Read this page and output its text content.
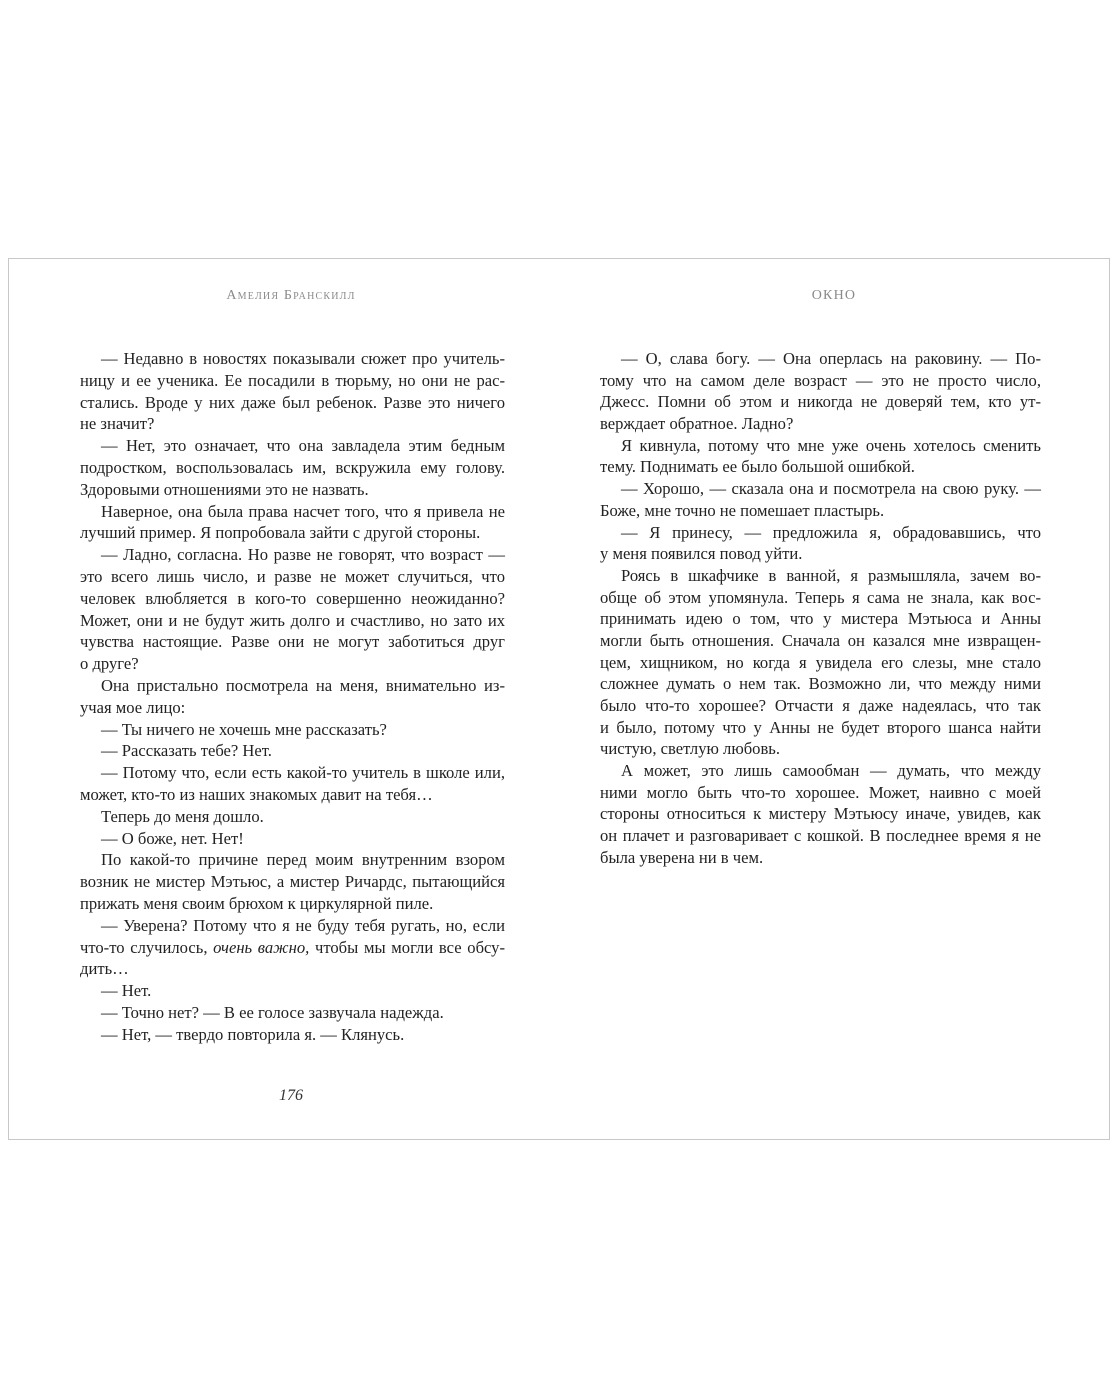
Амелия Бранскилл	ОКНО
— Недавно в новостях показывали сюжет про учитель-
ницу и ее ученика. Ее посадили в тюрьму, но они не рас-
стались. Вроде у них даже был ребенок. Разве это ничего
не значит?
— Нет, это означает, что она завладела этим бедным
подростком, воспользовалась им, вскружила ему голову.
Здоровыми отношениями это не назвать.
Наверное, она была права насчет того, что я привела не
лучший пример. Я попробовала зайти с другой стороны.
— Ладно, согласна. Но разве не говорят, что возраст —
это всего лишь число, и разве не может случиться, что
человек влюбляется в кого-то совершенно неожиданно?
Может, они и не будут жить долго и счастливо, но зато их
чувства настоящие. Разве они не могут заботиться друг
о друге?
Она пристально посмотрела на меня, внимательно из-
учая мое лицо:
— Ты ничего не хочешь мне рассказать?
— Рассказать тебе? Нет.
— Потому что, если есть какой-то учитель в школе или,
может, кто-то из наших знакомых давит на тебя…
Теперь до меня дошло.
— О боже, нет. Нет!
По какой-то причине перед моим внутренним взором
возник не мистер Мэтьюс, а мистер Ричардс, пытающийся
прижать меня своим брюхом к циркулярной пиле.
— Уверена? Потому что я не буду тебя ругать, но, если
что-то случилось, очень важно, чтобы мы могли все обсу-
дить…
— Нет.
— Точно нет? — В ее голосе зазвучала надежда.
— Нет, — твердо повторила я. — Клянусь.
— О, слава богу. — Она оперлась на раковину. — По-
тому что на самом деле возраст — это не просто число,
Джесс. Помни об этом и никогда не доверяй тем, кто ут-
верждает обратное. Ладно?
Я кивнула, потому что мне уже очень хотелось сменить
тему. Поднимать ее было большой ошибкой.
— Хорошо, — сказала она и посмотрела на свою руку. —
Боже, мне точно не помешает пластырь.
— Я принесу, — предложила я, обрадовавшись, что
у меня появился повод уйти.
Роясь в шкафчике в ванной, я размышляла, зачем во-
обще об этом упомянула. Теперь я сама не знала, как вос-
принимать идею о том, что у мистера Мэтьюса и Анны
могли быть отношения. Сначала он казался мне извращен-
цем, хищником, но когда я увидела его слезы, мне стало
сложнее думать о нем так. Возможно ли, что между ними
было что-то хорошее? Отчасти я даже надеялась, что так
и было, потому что у Анны не будет второго шанса найти
чистую, светлую любовь.
А может, это лишь самообман — думать, что между
ними могло быть что-то хорошее. Может, наивно с моей
стороны относиться к мистеру Мэтьюсу иначе, увидев, как
он плачет и разговаривает с кошкой. В последнее время я не
была уверена ни в чем.
176
